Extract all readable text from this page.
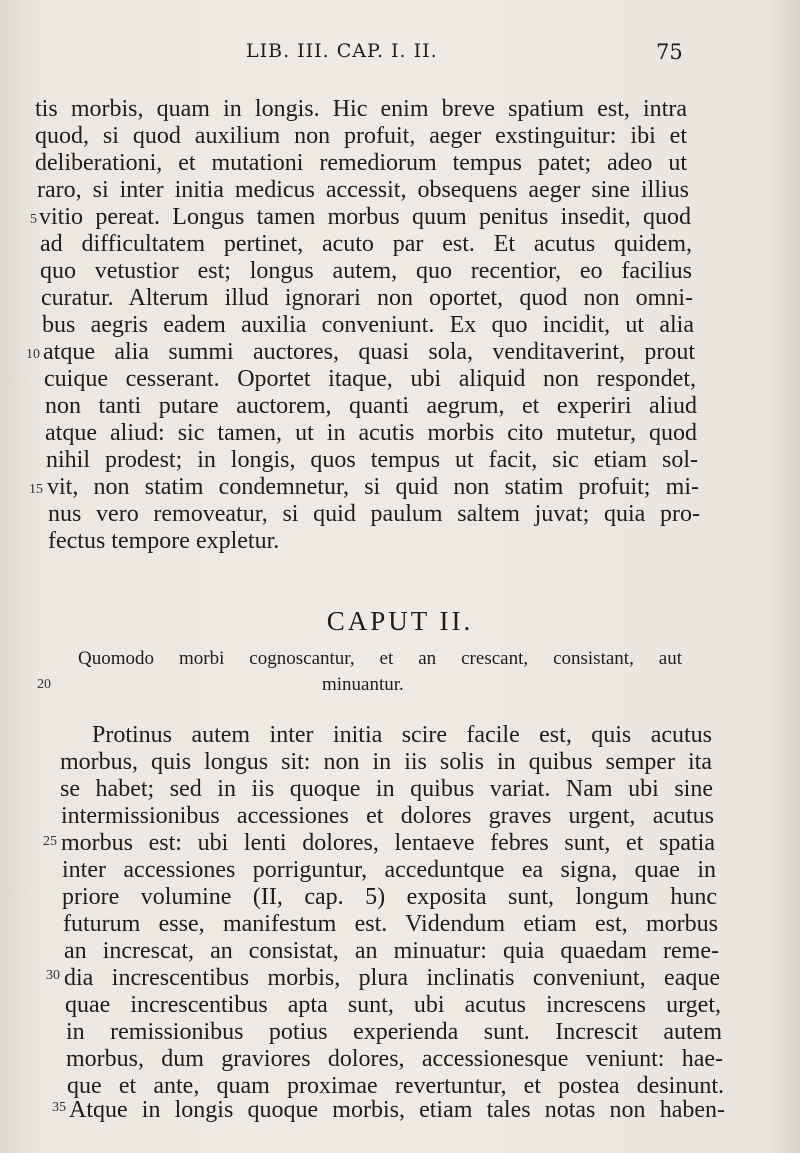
LIB. III. CAP. I. II.	75
tis morbis, quam in longis. Hic enim breve spatium est, intra
quod, si quod auxilium non profuit, aeger exstinguitur: ibi et
deliberationi, et mutationi remediorum tempus patet; adeo ut
raro, si inter initia medicus accessit, obsequens aeger sine illius
vitio pereat. Longus tamen morbus quum penitus insedit, quod
ad difficultatem pertinet, acuto par est. Et acutus quidem,
quo vetustior est; longus autem, quo recentior, eo facilius
curatur. Alterum illud ignorari non oportet, quod non omni-
bus aegris eadem auxilia conveniunt. Ex quo incidit, ut alia
atque alia summi auctores, quasi sola, venditaverint, prout
cuique cesserant. Oportet itaque, ubi aliquid non respondet,
non tanti putare auctorem, quanti aegrum, et experiri aliud
atque aliud: sic tamen, ut in acutis morbis cito mutetur, quod
nihil prodest; in longis, quos tempus ut facit, sic etiam sol-
vit, non statim condemnetur, si quid non statim profuit; mi-
nus vero removeatur, si quid paulum saltem juvat; quia pro-
fectus tempore expletur.
5
10
15
20
25
30
35
CAPUT II.
Quomodo morbi cognoscantur, et an crescant, consistant, aut
minuantur.
Protinus autem inter initia scire facile est, quis acutus
morbus, quis longus sit: non in iis solis in quibus semper ita
se habet; sed in iis quoque in quibus variat. Nam ubi sine
intermissionibus accessiones et dolores graves urgent, acutus
morbus est: ubi lenti dolores, lentaeve febres sunt, et spatia
inter accessiones porriguntur, acceduntque ea signa, quae in
priore volumine (II, cap. 5) exposita sunt, longum hunc
futurum esse, manifestum est. Videndum etiam est, morbus
an increscat, an consistat, an minuatur: quia quaedam reme-
dia increscentibus morbis, plura inclinatis conveniunt, eaque
quae increscentibus apta sunt, ubi acutus increscens urget,
in remissionibus potius experienda sunt. Increscit autem
morbus, dum graviores dolores, accessionesque veniunt: hae-
que et ante, quam proximae revertuntur, et postea desinunt.
Atque in longis quoque morbis, etiam tales notas non haben-
